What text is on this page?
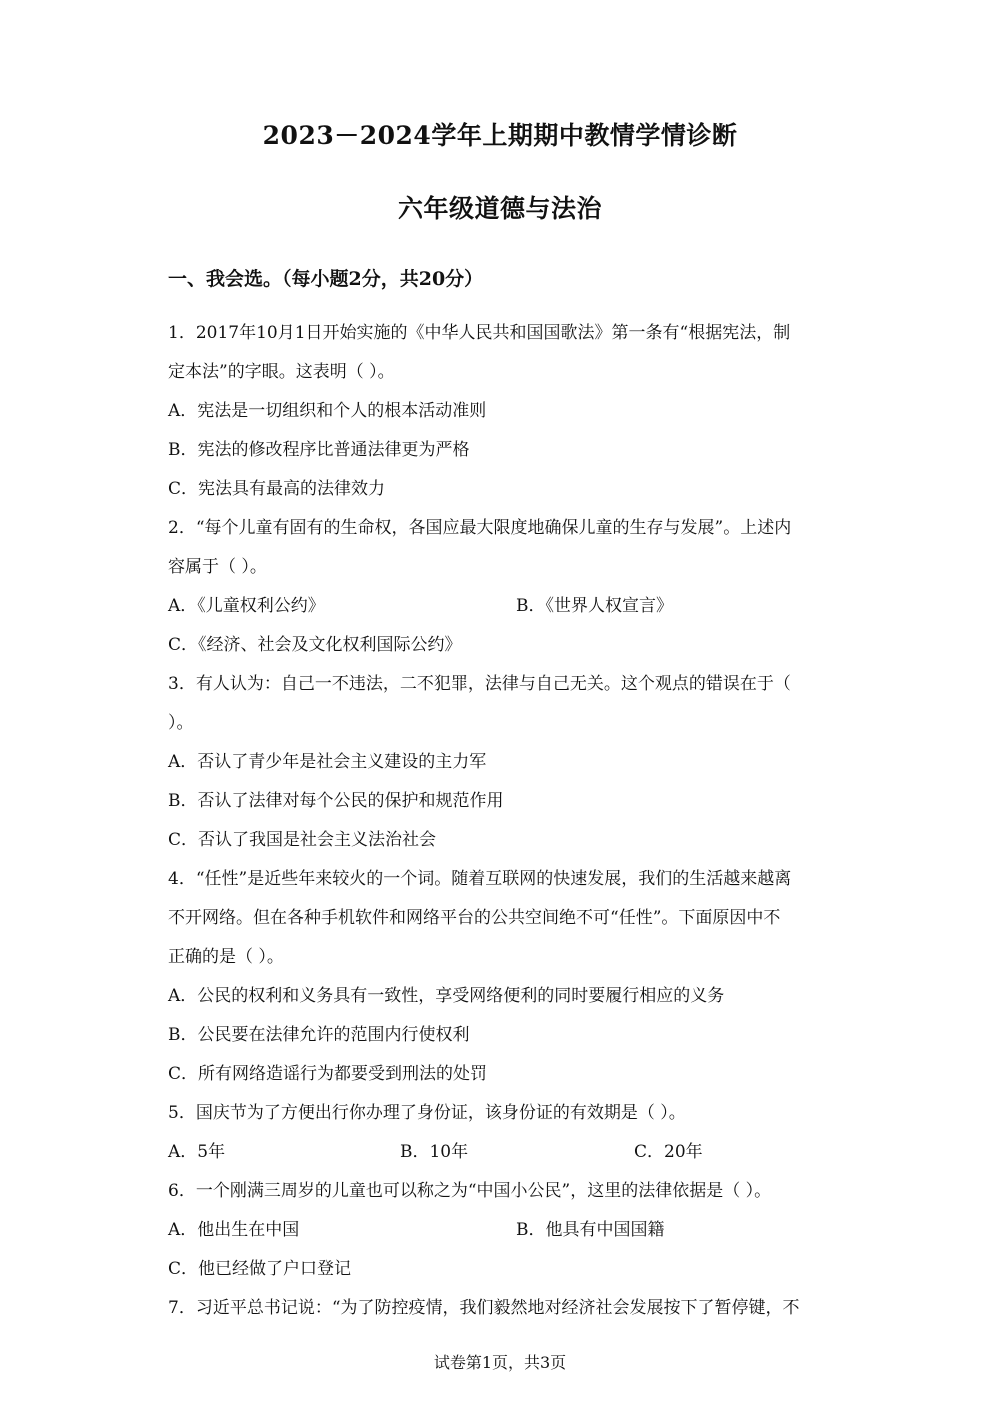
2023－2024学年上期期中教情学情诊断
六年级道德与法治
一、我会选。（每小题2分，共20分）
1．2017年10月1日开始实施的《中华人民共和国国歌法》第一条有“根据宪法，制
定本法”的字眼。这表明（ ）。
A．宪法是一切组织和个人的根本活动准则
B．宪法的修改程序比普通法律更为严格
C．宪法具有最高的法律效力
2．“每个儿童有固有的生命权，各国应最大限度地确保儿童的生存与发展”。上述内
容属于（ ）。
A．《儿童权利公约》	B．《世界人权宣言》
C．《经济、社会及文化权利国际公约》
3．有人认为：自己一不违法，二不犯罪，法律与自己无关。这个观点的错误在于（
）。
A．否认了青少年是社会主义建设的主力军
B．否认了法律对每个公民的保护和规范作用
C．否认了我国是社会主义法治社会
4．“任性”是近些年来较火的一个词。随着互联网的快速发展，我们的生活越来越离
不开网络。但在各种手机软件和网络平台的公共空间绝不可“任性”。下面原因中不
正确的是（ ）。
A．公民的权利和义务具有一致性，享受网络便利的同时要履行相应的义务
B．公民要在法律允许的范围内行使权利
C．所有网络造谣行为都要受到刑法的处罚
5．国庆节为了方便出行你办理了身份证，该身份证的有效期是（ ）。
A．5年	B．10年	C．20年
6．一个刚满三周岁的儿童也可以称之为“中国小公民”，这里的法律依据是（ ）。
A．他出生在中国	B．他具有中国国籍
C．他已经做了户口登记
7．习近平总书记说：“为了防控疫情，我们毅然地对经济社会发展按下了暂停键，不
试卷第1页，共3页
